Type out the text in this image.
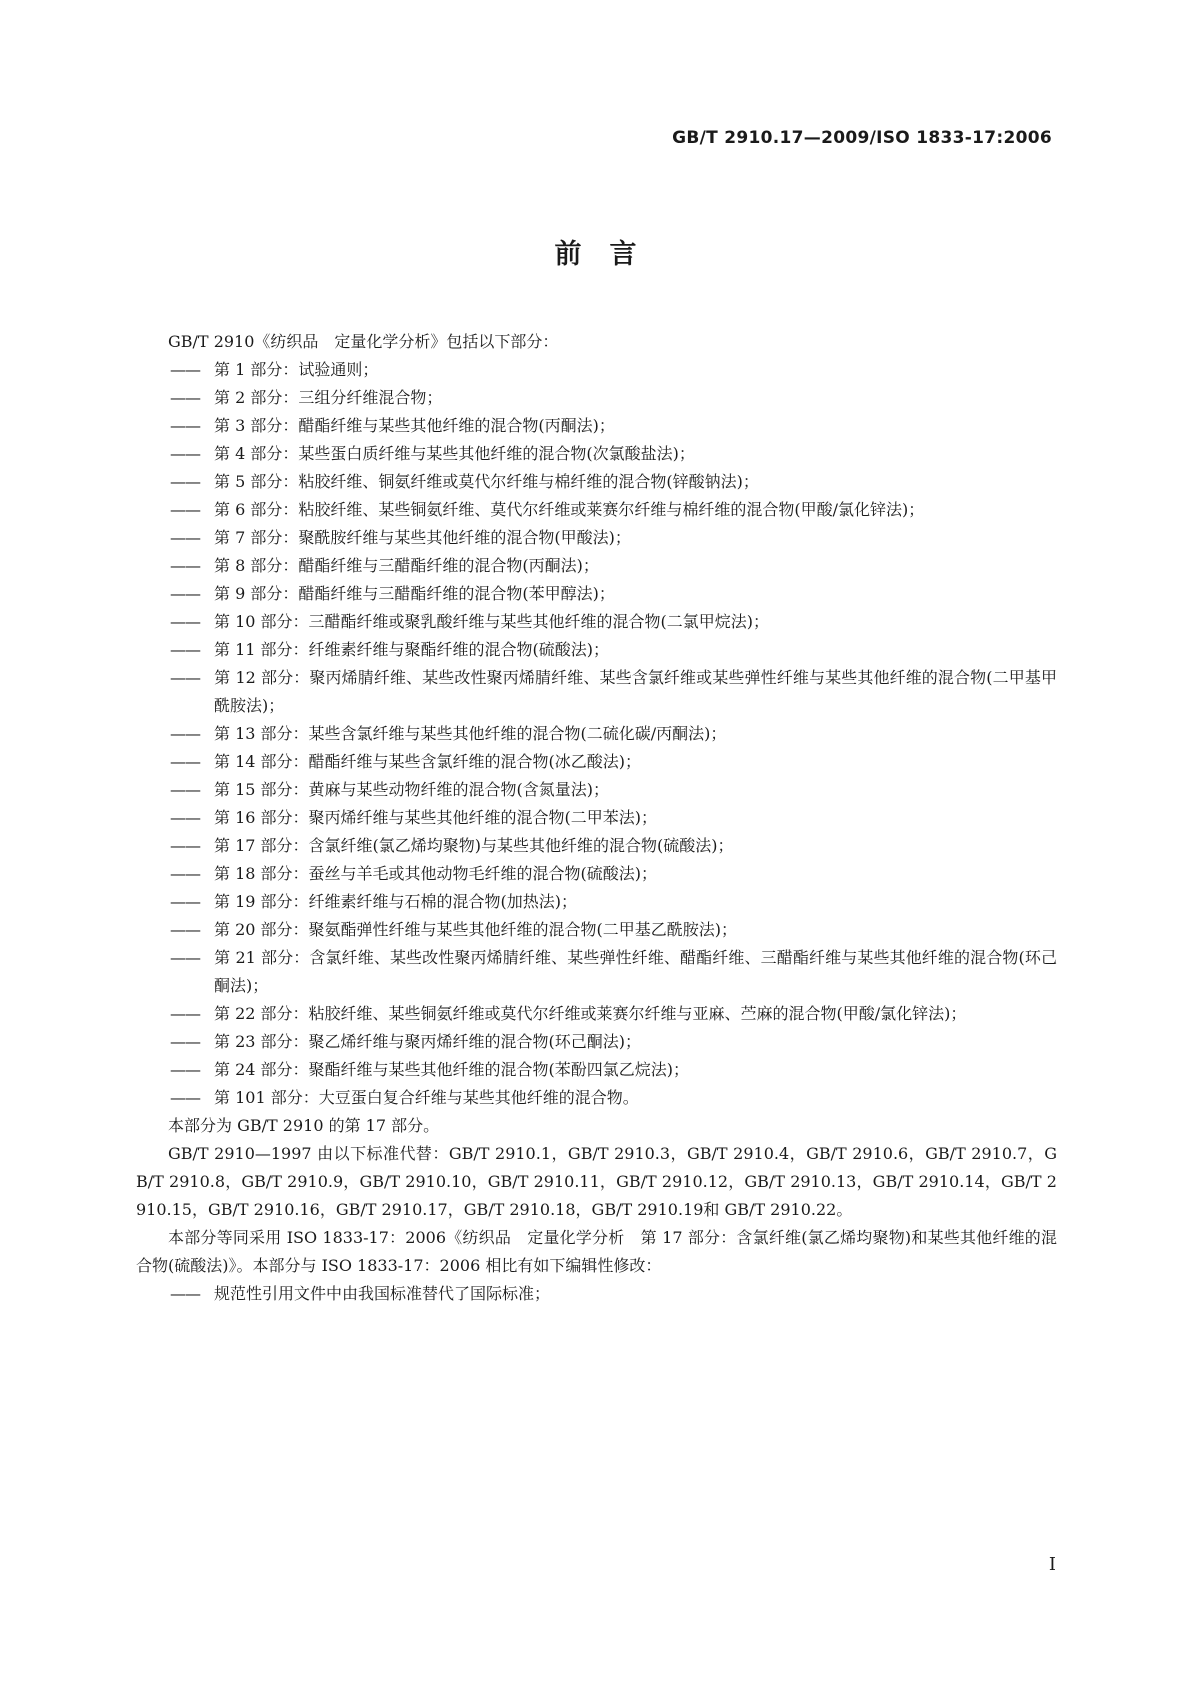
GB/T 2910.17—2009/ISO 1833-17:2006
前言

GB/T 2910《纺织品　定量化学分析》包括以下部分：

—— 第 1 部分：试验通则；
—— 第 2 部分：三组分纤维混合物；
—— 第 3 部分：醋酯纤维与某些其他纤维的混合物(丙酮法)；
—— 第 4 部分：某些蛋白质纤维与某些其他纤维的混合物(次氯酸盐法)；
—— 第 5 部分：粘胶纤维、铜氨纤维或莫代尔纤维与棉纤维的混合物(锌酸钠法)；
—— 第 6 部分：粘胶纤维、某些铜氨纤维、莫代尔纤维或莱赛尔纤维与棉纤维的混合物(甲酸/氯化锌法)；
—— 第 7 部分：聚酰胺纤维与某些其他纤维的混合物(甲酸法)；
—— 第 8 部分：醋酯纤维与三醋酯纤维的混合物(丙酮法)；
—— 第 9 部分：醋酯纤维与三醋酯纤维的混合物(苯甲醇法)；
—— 第 10 部分：三醋酯纤维或聚乳酸纤维与某些其他纤维的混合物(二氯甲烷法)；
—— 第 11 部分：纤维素纤维与聚酯纤维的混合物(硫酸法)；
—— 第 12 部分：聚丙烯腈纤维、某些改性聚丙烯腈纤维、某些含氯纤维或某些弹性纤维与某些其他纤维的混合物(二甲基甲酰胺法)；
—— 第 13 部分：某些含氯纤维与某些其他纤维的混合物(二硫化碳/丙酮法)；
—— 第 14 部分：醋酯纤维与某些含氯纤维的混合物(冰乙酸法)；
—— 第 15 部分：黄麻与某些动物纤维的混合物(含氮量法)；
—— 第 16 部分：聚丙烯纤维与某些其他纤维的混合物(二甲苯法)；
—— 第 17 部分：含氯纤维(氯乙烯均聚物)与某些其他纤维的混合物(硫酸法)；
—— 第 18 部分：蚕丝与羊毛或其他动物毛纤维的混合物(硫酸法)；
—— 第 19 部分：纤维素纤维与石棉的混合物(加热法)；
—— 第 20 部分：聚氨酯弹性纤维与某些其他纤维的混合物(二甲基乙酰胺法)；
—— 第 21 部分：含氯纤维、某些改性聚丙烯腈纤维、某些弹性纤维、醋酯纤维、三醋酯纤维与某些其他纤维的混合物(环己酮法)；
—— 第 22 部分：粘胶纤维、某些铜氨纤维或莫代尔纤维或莱赛尔纤维与亚麻、苎麻的混合物(甲酸/氯化锌法)；
—— 第 23 部分：聚乙烯纤维与聚丙烯纤维的混合物(环己酮法)；
—— 第 24 部分：聚酯纤维与某些其他纤维的混合物(苯酚四氯乙烷法)；
—— 第 101 部分：大豆蛋白复合纤维与某些其他纤维的混合物。

本部分为 GB/T 2910 的第 17 部分。

GB/T 2910—1997 由以下标准代替：GB/T 2910.1，GB/T 2910.3，GB/T 2910.4，GB/T 2910.6，GB/T 2910.7，GB/T 2910.8，GB/T 2910.9，GB/T 2910.10，GB/T 2910.11，GB/T 2910.12，GB/T 2910.13，GB/T 2910.14，GB/T 2910.15，GB/T 2910.16，GB/T 2910.17，GB/T 2910.18，GB/T 2910.19和 GB/T 2910.22。

本部分等同采用 ISO 1833-17：2006《纺织品　定量化学分析　第 17 部分：含氯纤维(氯乙烯均聚物)和某些其他纤维的混合物(硫酸法)》。本部分与 ISO 1833-17：2006 相比有如下编辑性修改：

—— 规范性引用文件中由我国标准替代了国际标准；
I
